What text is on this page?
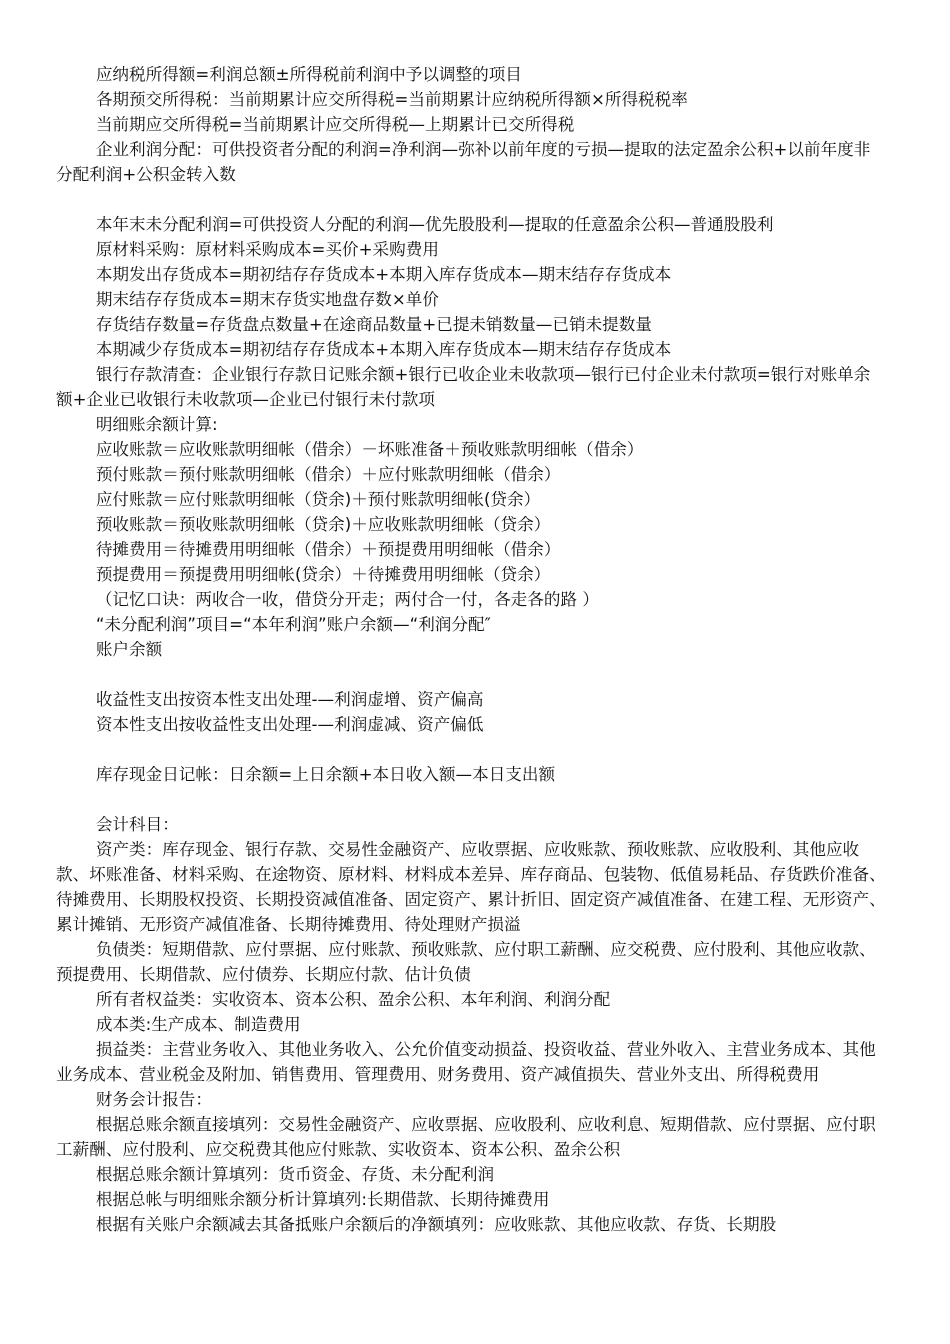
应纳税所得额=利润总额±所得税前利润中予以调整的项目

各期预交所得税：当前期累计应交所得税=当前期累计应纳税所得额×所得税税率

当前期应交所得税=当前期累计应交所得税—上期累计已交所得税

企业利润分配：可供投资者分配的利润=净利润—弥补以前年度的亏损—提取的法定盈余公积+以前年度非分配利润+公积金转入数

本年末未分配利润=可供投资人分配的利润—优先股股利—提取的任意盈余公积—普通股股利

原材料采购：原材料采购成本=买价+采购费用

本期发出存货成本=期初结存存货成本+本期入库存货成本—期末结存存货成本

期末结存存货成本=期末存货实地盘存数×单价

存货结存数量=存货盘点数量+在途商品数量+已提未销数量—已销未提数量

本期减少存货成本=期初结存存货成本+本期入库存货成本—期末结存存货成本

银行存款清查：企业银行存款日记账余额+银行已收企业未收款项—银行已付企业未付款项=银行对账单余额+企业已收银行未收款项—企业已付银行未付款项

明细账余额计算:

应收账款＝应收账款明细帐（借余）－坏账准备＋预收账款明细帐（借余）

预付账款＝预付账款明细帐（借余）＋应付账款明细帐（借余）

应付账款＝应付账款明细帐（贷余)＋预付账款明细帐(贷余）

预收账款＝预收账款明细帐（贷余)＋应收账款明细帐（贷余）

待摊费用＝待摊费用明细帐（借余）＋预提费用明细帐（借余）

预提费用＝预提费用明细帐(贷余）＋待摊费用明细帐（贷余）

（记忆口诀：两收合一收，借贷分开走；两付合一付，各走各的路 ）

“未分配利润”项目=“本年利润”账户余额—“利润分配″

账户余额

收益性支出按资本性支出处理-—利润虚增、资产偏高

资本性支出按收益性支出处理-—利润虚减、资产偏低

库存现金日记帐：日余额=上日余额+本日收入额—本日支出额

会计科目：

资产类：库存现金、银行存款、交易性金融资产、应收票据、应收账款、预收账款、应收股利、其他应收款、坏账准备、材料采购、在途物资、原材料、材料成本差异、库存商品、包装物、低值易耗品、存货跌价准备、待摊费用、长期股权投资、长期投资减值准备、固定资产、累计折旧、固定资产减值准备、在建工程、无形资产、累计摊销、无形资产减值准备、长期待摊费用、待处理财产损溢

负债类：短期借款、应付票据、应付账款、预收账款、应付职工薪酬、应交税费、应付股利、其他应收款、预提费用、长期借款、应付债券、长期应付款、估计负债

所有者权益类：实收资本、资本公积、盈余公积、本年利润、利润分配

成本类:生产成本、制造费用

损益类：主营业务收入、其他业务收入、公允价值变动损益、投资收益、营业外收入、主营业务成本、其他业务成本、营业税金及附加、销售费用、管理费用、财务费用、资产减值损失、营业外支出、所得税费用

财务会计报告：

根据总账余额直接填列：交易性金融资产、应收票据、应收股利、应收利息、短期借款、应付票据、应付职工薪酬、应付股利、应交税费其他应付账款、实收资本、资本公积、盈余公积

根据总账余额计算填列：货币资金、存货、未分配利润

根据总帐与明细账余额分析计算填列:长期借款、长期待摊费用

根据有关账户余额减去其备抵账户余额后的净额填列：应收账款、其他应收款、存货、长期股
